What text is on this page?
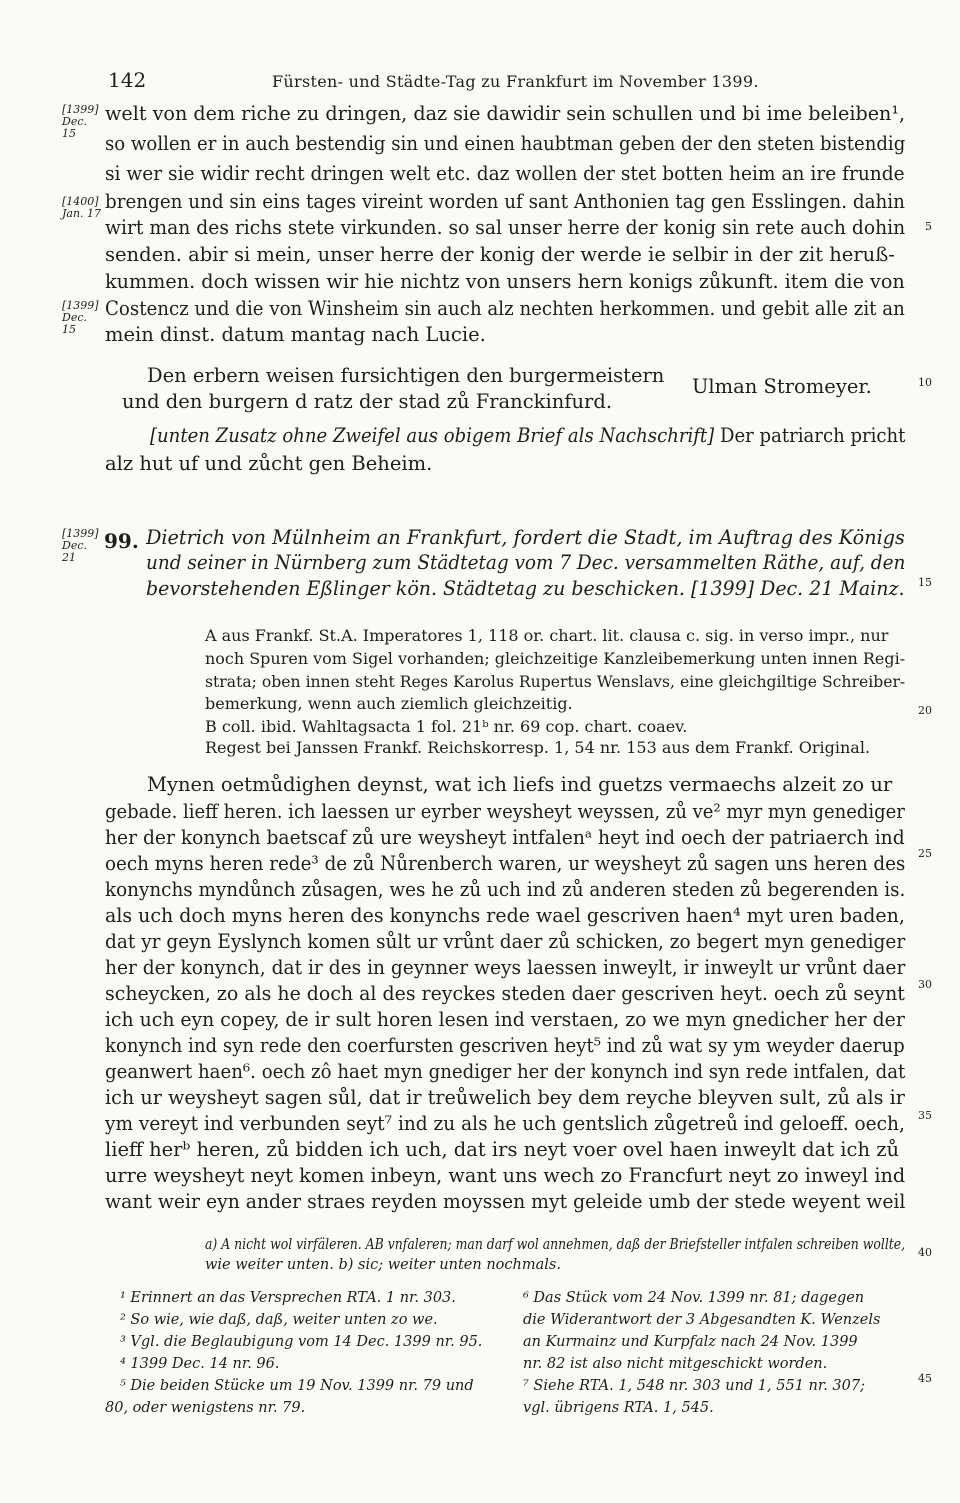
142	Fürsten- und Städte-Tag zu Frankfurt im November 1399.
[1399]
Dec. 15
[1400]
Jan. 17
[1399]
Dec. 15
[1399]
Dec. 21
5
10
15
20
25
30
35
40
45
welt von dem riche zu dringen, daz sie dawidir sein schullen und bi ime beleiben¹,
so wollen er in auch bestendig sin und einen haubtman geben der den steten bistendig
si wer sie widir recht dringen welt etc. daz wollen der stet botten heim an ire frunde
brengen und sin eins tages vireint worden uf sant Anthonien tag gen Esslingen. dahin
wirt man des richs stete virkunden. so sal unser herre der konig sin rete auch dohin
senden. abir si mein, unser herre der konig der werde ie selbir in der zit heruß-
kummen. doch wissen wir hie nichtz von unsers hern konigs zůkunft. item die von
Costencz und die von Winsheim sin auch alz nechten herkommen. und gebit alle zit an
mein dinst. datum mantag nach Lucie.
Den erbern weisen fursichtigen den burgermeistern
und den burgern d ratz der stad zů Franckinfurd.
Ulman Stromeyer.
[unten Zusatz ohne Zweifel aus obigem Brief als Nachschrift] Der patriarch pricht
alz hut uf und zůcht gen Beheim.
99. Dietrich von Mülnheim an Frankfurt, fordert die Stadt, im Auftrag des Königs
und seiner in Nürnberg zum Städtetag vom 7 Dec. versammelten Räthe, auf, den
bevorstehenden Eßlinger kön. Städtetag zu beschicken. [1399] Dec. 21 Mainz.
A aus Frankf. St.A. Imperatores 1, 118 or. chart. lit. clausa c. sig. in verso impr., nur
noch Spuren vom Sigel vorhanden; gleichzeitige Kanzleibemerkung unten innen Regi-
strata; oben innen steht Reges Karolus Rupertus Wenslavs, eine gleichgiltige Schreiber-
bemerkung, wenn auch ziemlich gleichzeitig.
B coll. ibid. Wahltagsacta 1 fol. 21ᵇ nr. 69 cop. chart. coaev.
Regest bei Janssen Frankf. Reichskorresp. 1, 54 nr. 153 aus dem Frankf. Original.
Mynen oetmůdighen deynst, wat ich liefs ind guetzs vermaechs alzeit zo ur
gebade. lieff heren. ich laessen ur eyrber weysheyt weyssen, zů ve² myr myn genediger
her der konynch baetscaf zů ure weysheyt intfalenᵃ heyt ind oech der patriaerch ind
oech myns heren rede³ de zů Nůrenberch waren, ur weysheyt zů sagen uns heren des
konynchs myndůnch zůsagen, wes he zů uch ind zů anderen steden zů begerenden is.
als uch doch myns heren des konynchs rede wael gescriven haen⁴ myt uren baden,
dat yr geyn Eyslynch komen sůlt ur vrůnt daer zů schicken, zo begert myn genediger
her der konynch, dat ir des in geynner weys laessen inweylt, ir inweylt ur vrůnt daer
scheycken, zo als he doch al des reyckes steden daer gescriven heyt. oech zů seynt
ich uch eyn copey, de ir sult horen lesen ind verstaen, zo we myn gnedicher her der
konynch ind syn rede den coerfursten gescriven heyt⁵ ind zů wat sy ym weyder daerup
geanwert haen⁶. oech zô haet myn gnediger her der konynch ind syn rede intfalen, dat
ich ur weysheyt sagen sůl, dat ir treůwelich bey dem reyche bleyven sult, zů als ir
ym vereyt ind verbunden seyt⁷ ind zu als he uch gentslich zůgetreů ind geloeff. oech,
lieff herᵇ heren, zů bidden ich uch, dat irs neyt voer ovel haen inweylt dat ich zů
urre weysheyt neyt komen inbeyn, want uns wech zo Francfurt neyt zo inweyl ind
want weir eyn ander straes reyden moyssen myt geleide umb der stede weyent weil
a) A nicht wol virfäleren. AB vnfaleren; man darf wol annehmen, daß der Briefsteller intfalen schreiben wollte,
wie weiter unten. b) sic; weiter unten nochmals.
¹ Erinnert an das Versprechen RTA. 1 nr. 303.
² So wie, wie daß, daß, weiter unten zo we.
³ Vgl. die Beglaubigung vom 14 Dec. 1399 nr. 95.
⁴ 1399 Dec. 14 nr. 96.
⁵ Die beiden Stücke um 19 Nov. 1399 nr. 79 und
80, oder wenigstens nr. 79.
⁶ Das Stück vom 24 Nov. 1399 nr. 81; dagegen
die Widerantwort der 3 Abgesandten K. Wenzels
an Kurmainz und Kurpfalz nach 24 Nov. 1399
nr. 82 ist also nicht mitgeschickt worden.
⁷ Siehe RTA. 1, 548 nr. 303 und 1, 551 nr. 307;
vgl. übrigens RTA. 1, 545.
